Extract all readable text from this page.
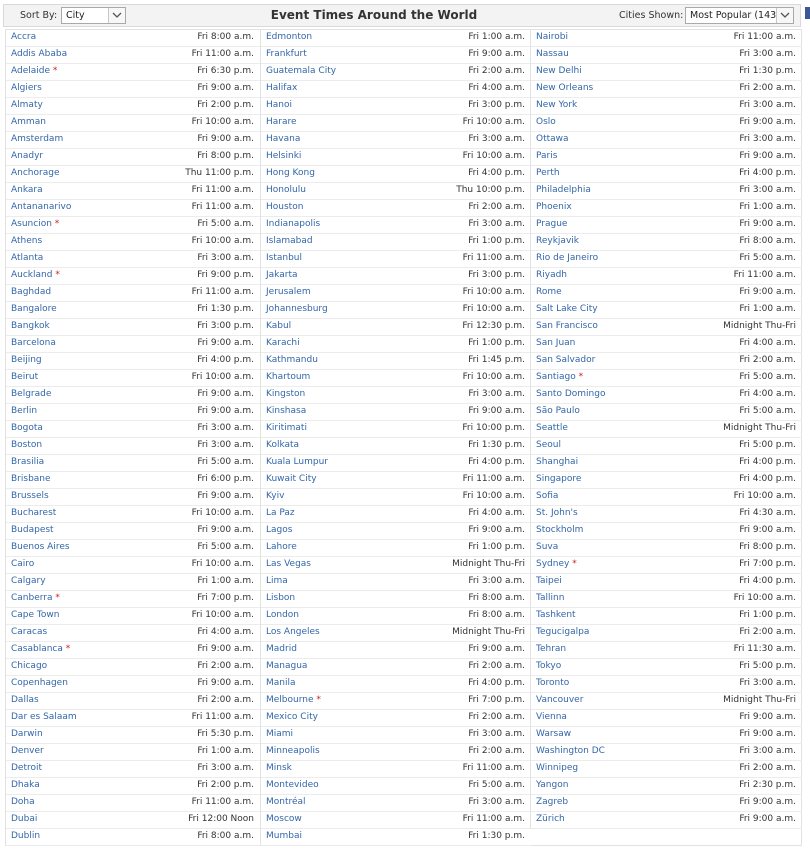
Sort By: City	Event Times Around the World	Cities Shown: Most Popular (143
Accra	Fri 8:00 a.m.
Addis Ababa	Fri 11:00 a.m.
Adelaide *	Fri 6:30 p.m.
Algiers	Fri 9:00 a.m.
Almaty	Fri 2:00 p.m.
Amman	Fri 10:00 a.m.
Amsterdam	Fri 9:00 a.m.
Anadyr	Fri 8:00 p.m.
Anchorage	Thu 11:00 p.m.
Ankara	Fri 11:00 a.m.
Antananarivo	Fri 11:00 a.m.
Asuncion *	Fri 5:00 a.m.
Athens	Fri 10:00 a.m.
Atlanta	Fri 3:00 a.m.
Auckland *	Fri 9:00 p.m.
Baghdad	Fri 11:00 a.m.
Bangalore	Fri 1:30 p.m.
Bangkok	Fri 3:00 p.m.
Barcelona	Fri 9:00 a.m.
Beijing	Fri 4:00 p.m.
Beirut	Fri 10:00 a.m.
Belgrade	Fri 9:00 a.m.
Berlin	Fri 9:00 a.m.
Bogota	Fri 3:00 a.m.
Boston	Fri 3:00 a.m.
Brasilia	Fri 5:00 a.m.
Brisbane	Fri 6:00 p.m.
Brussels	Fri 9:00 a.m.
Bucharest	Fri 10:00 a.m.
Budapest	Fri 9:00 a.m.
Buenos Aires	Fri 5:00 a.m.
Cairo	Fri 10:00 a.m.
Calgary	Fri 1:00 a.m.
Canberra *	Fri 7:00 p.m.
Cape Town	Fri 10:00 a.m.
Caracas	Fri 4:00 a.m.
Casablanca *	Fri 9:00 a.m.
Chicago	Fri 2:00 a.m.
Copenhagen	Fri 9:00 a.m.
Dallas	Fri 2:00 a.m.
Dar es Salaam	Fri 11:00 a.m.
Darwin	Fri 5:30 p.m.
Denver	Fri 1:00 a.m.
Detroit	Fri 3:00 a.m.
Dhaka	Fri 2:00 p.m.
Doha	Fri 11:00 a.m.
Dubai	Fri 12:00 Noon
Dublin	Fri 8:00 a.m.
Edmonton	Fri 1:00 a.m.
Frankfurt	Fri 9:00 a.m.
Guatemala City	Fri 2:00 a.m.
Halifax	Fri 4:00 a.m.
Hanoi	Fri 3:00 p.m.
Harare	Fri 10:00 a.m.
Havana	Fri 3:00 a.m.
Helsinki	Fri 10:00 a.m.
Hong Kong	Fri 4:00 p.m.
Honolulu	Thu 10:00 p.m.
Houston	Fri 2:00 a.m.
Indianapolis	Fri 3:00 a.m.
Islamabad	Fri 1:00 p.m.
Istanbul	Fri 11:00 a.m.
Jakarta	Fri 3:00 p.m.
Jerusalem	Fri 10:00 a.m.
Johannesburg	Fri 10:00 a.m.
Kabul	Fri 12:30 p.m.
Karachi	Fri 1:00 p.m.
Kathmandu	Fri 1:45 p.m.
Khartoum	Fri 10:00 a.m.
Kingston	Fri 3:00 a.m.
Kinshasa	Fri 9:00 a.m.
Kiritimati	Fri 10:00 p.m.
Kolkata	Fri 1:30 p.m.
Kuala Lumpur	Fri 4:00 p.m.
Kuwait City	Fri 11:00 a.m.
Kyiv	Fri 10:00 a.m.
La Paz	Fri 4:00 a.m.
Lagos	Fri 9:00 a.m.
Lahore	Fri 1:00 p.m.
Las Vegas	Midnight Thu-Fri
Lima	Fri 3:00 a.m.
Lisbon	Fri 8:00 a.m.
London	Fri 8:00 a.m.
Los Angeles	Midnight Thu-Fri
Madrid	Fri 9:00 a.m.
Managua	Fri 2:00 a.m.
Manila	Fri 4:00 p.m.
Melbourne *	Fri 7:00 p.m.
Mexico City	Fri 2:00 a.m.
Miami	Fri 3:00 a.m.
Minneapolis	Fri 2:00 a.m.
Minsk	Fri 11:00 a.m.
Montevideo	Fri 5:00 a.m.
Montréal	Fri 3:00 a.m.
Moscow	Fri 11:00 a.m.
Mumbai	Fri 1:30 p.m.
Nairobi	Fri 11:00 a.m.
Nassau	Fri 3:00 a.m.
New Delhi	Fri 1:30 p.m.
New Orleans	Fri 2:00 a.m.
New York	Fri 3:00 a.m.
Oslo	Fri 9:00 a.m.
Ottawa	Fri 3:00 a.m.
Paris	Fri 9:00 a.m.
Perth	Fri 4:00 p.m.
Philadelphia	Fri 3:00 a.m.
Phoenix	Fri 1:00 a.m.
Prague	Fri 9:00 a.m.
Reykjavik	Fri 8:00 a.m.
Rio de Janeiro	Fri 5:00 a.m.
Riyadh	Fri 11:00 a.m.
Rome	Fri 9:00 a.m.
Salt Lake City	Fri 1:00 a.m.
San Francisco	Midnight Thu-Fri
San Juan	Fri 4:00 a.m.
San Salvador	Fri 2:00 a.m.
Santiago *	Fri 5:00 a.m.
Santo Domingo	Fri 4:00 a.m.
São Paulo	Fri 5:00 a.m.
Seattle	Midnight Thu-Fri
Seoul	Fri 5:00 p.m.
Shanghai	Fri 4:00 p.m.
Singapore	Fri 4:00 p.m.
Sofia	Fri 10:00 a.m.
St. John's	Fri 4:30 a.m.
Stockholm	Fri 9:00 a.m.
Suva	Fri 8:00 p.m.
Sydney *	Fri 7:00 p.m.
Taipei	Fri 4:00 p.m.
Tallinn	Fri 10:00 a.m.
Tashkent	Fri 1:00 p.m.
Tegucigalpa	Fri 2:00 a.m.
Tehran	Fri 11:30 a.m.
Tokyo	Fri 5:00 p.m.
Toronto	Fri 3:00 a.m.
Vancouver	Midnight Thu-Fri
Vienna	Fri 9:00 a.m.
Warsaw	Fri 9:00 a.m.
Washington DC	Fri 3:00 a.m.
Winnipeg	Fri 2:00 a.m.
Yangon	Fri 2:30 p.m.
Zagreb	Fri 9:00 a.m.
Zürich	Fri 9:00 a.m.
